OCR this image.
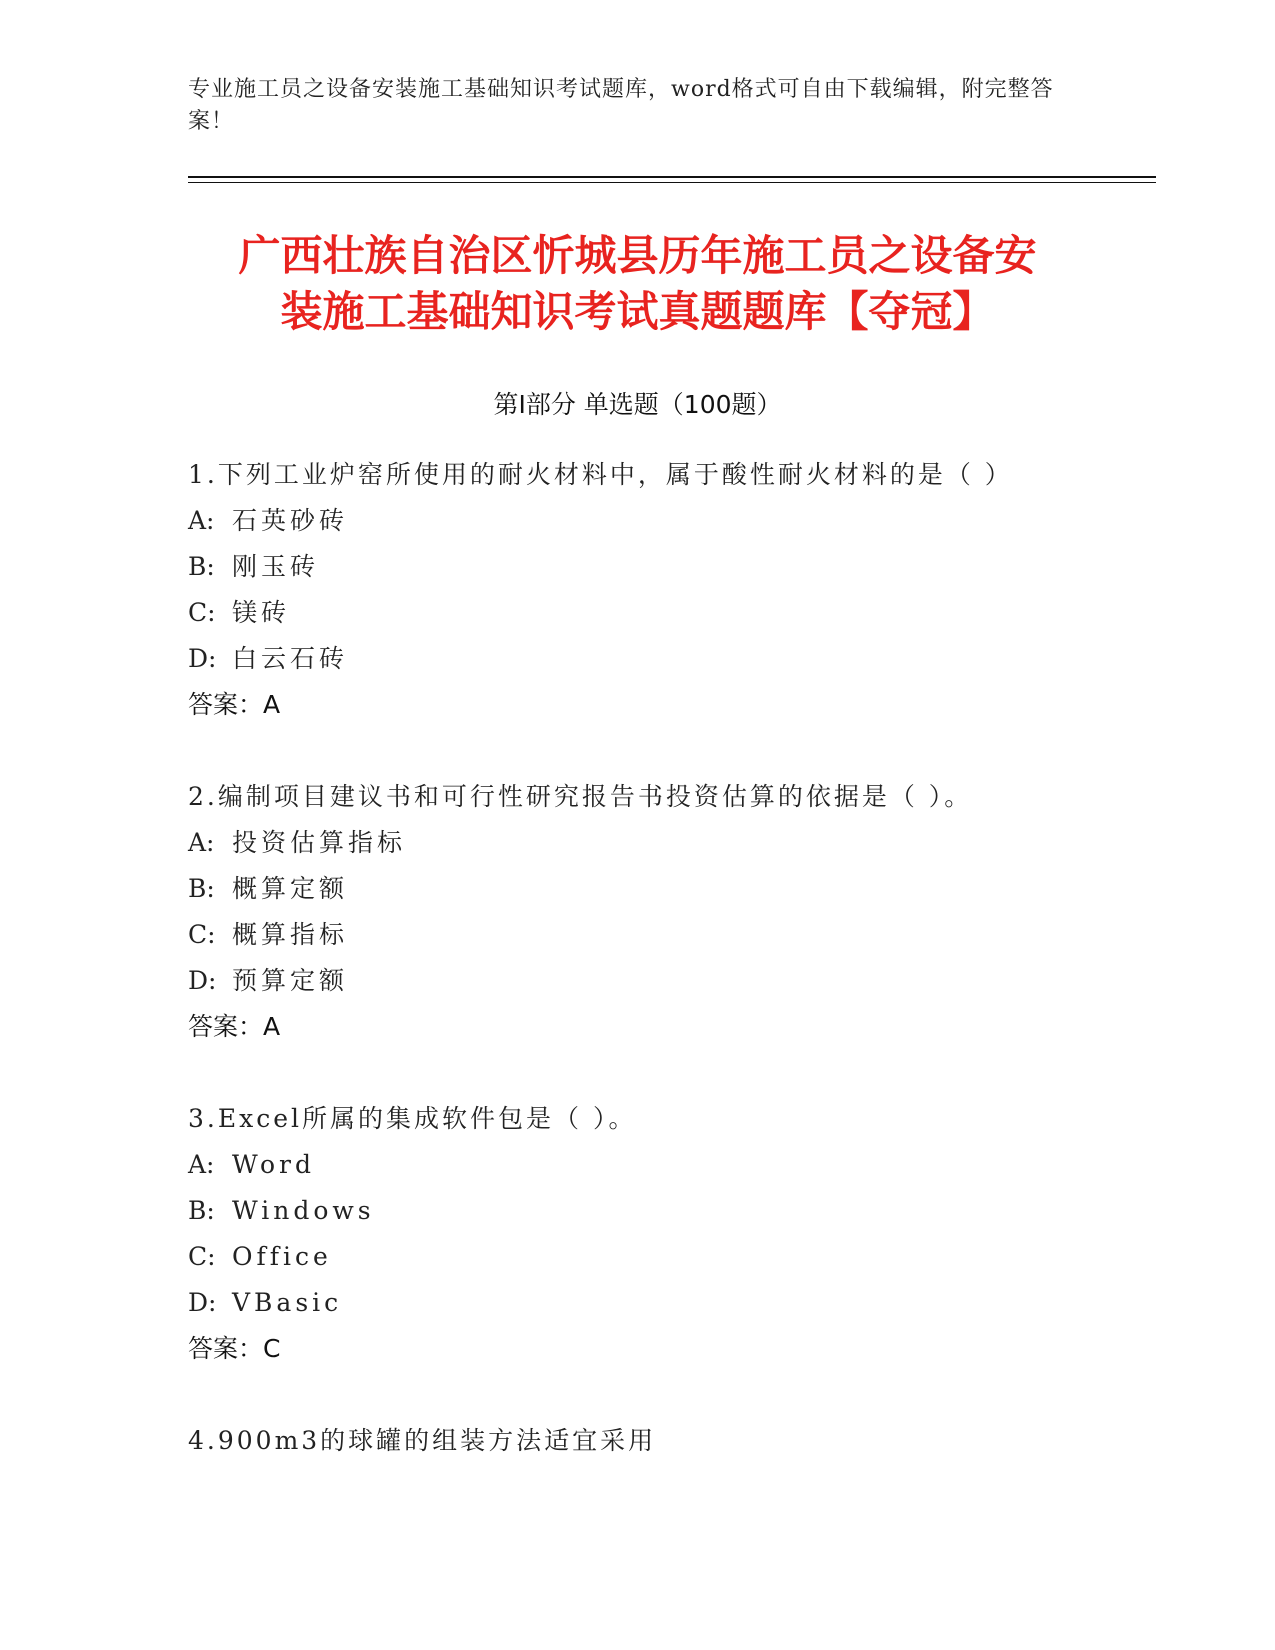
专业施工员之设备安装施工基础知识考试题库，word格式可自由下载编辑，附完整答案！
广西壮族自治区忻城县历年施工员之设备安
装施工基础知识考试真题题库【夺冠】
第Ⅰ部分 单选题（100题）
1.下列工业炉窑所使用的耐火材料中，属于酸性耐火材料的是（ ）
A: 石英砂砖
B: 刚玉砖
C: 镁砖
D: 白云石砖
答案：A
2.编制项目建议书和可行性研究报告书投资估算的依据是（ ）。
A: 投资估算指标
B: 概算定额
C: 概算指标
D: 预算定额
答案：A
3.Excel所属的集成软件包是（ ）。
A: Word
B: Windows
C: Office
D: VBasic
答案：C
4.900m3的球罐的组装方法适宜采用
